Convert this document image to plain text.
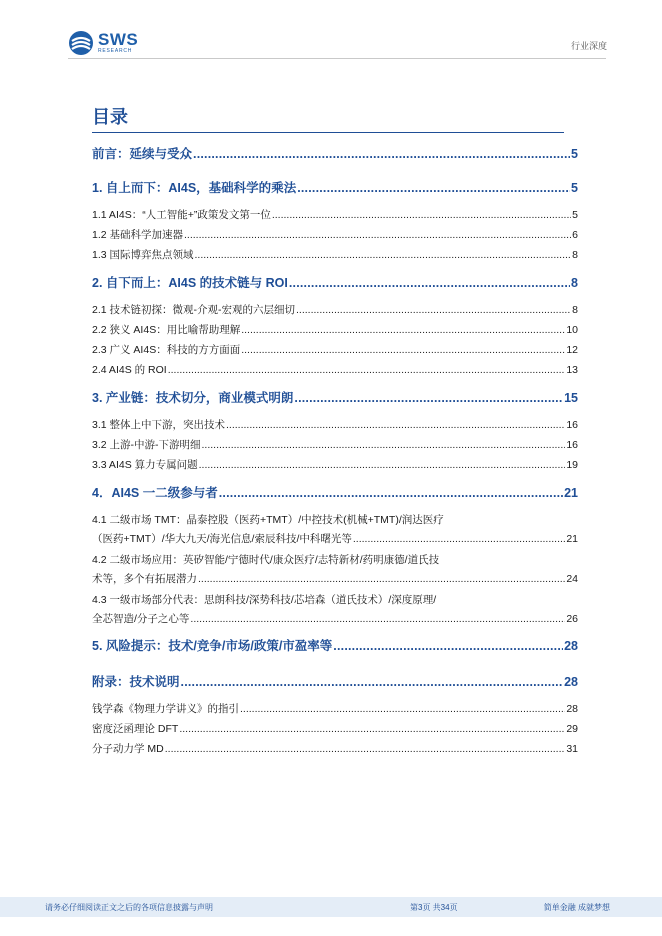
SWS
RESEARCH	行业深度
目录
前言：延续与受众 .....	5
1. 自上而下：AI4S，基础科学的乘法 .....	5
1.1 AI4S：“人工智能+”政策发文第一位 .....	5
1.2 基础科学加速器 .....	6
1.3 国际博弈焦点领域 .....	8
2. 自下而上：AI4S 的技术链与 ROI .....	8
2.1 技术链初探：微观-介观-宏观的六层细切 .....	8
2.2 狭义 AI4S：用比喻帮助理解 .....	10
2.3 广义 AI4S：科技的方方面面 .....	12
2.4 AI4S 的 ROI .....	13
3. 产业链：技术切分，商业模式明朗 .....	15
3.1 整体上中下游，突出技术 .....	16
3.2 上游-中游-下游明细 .....	16
3.3 AI4S 算力专属问题 .....	19
4．AI4S 一二级参与者 .....	21
4.1 二级市场 TMT：晶泰控股（医药+TMT）/中控技术(机械+TMT)/润达医疗
（医药+TMT）/华大九天/海光信息/索辰科技/中科曙光等 .....	21
4.2 二级市场应用：英矽智能/宁德时代/康众医疗/志特新材/药明康德/道氏技
术等，多个有拓展潜力 .....	24
4.3 一级市场部分代表：思朗科技/深势科技/芯培森（道氏技术）/深度原理/
全芯智造/分子之心等 .....	26
5. 风险提示：技术/竞争/市场/政策/市盈率等 .....	28
附录：技术说明 .....	28
钱学森《物理力学讲义》的指引 .....	28
密度泛函理论 DFT .....	29
分子动力学 MD .....	31
请务必仔细阅读正文之后的各项信息披露与声明	第3页 共34页	简单金融 成就梦想
